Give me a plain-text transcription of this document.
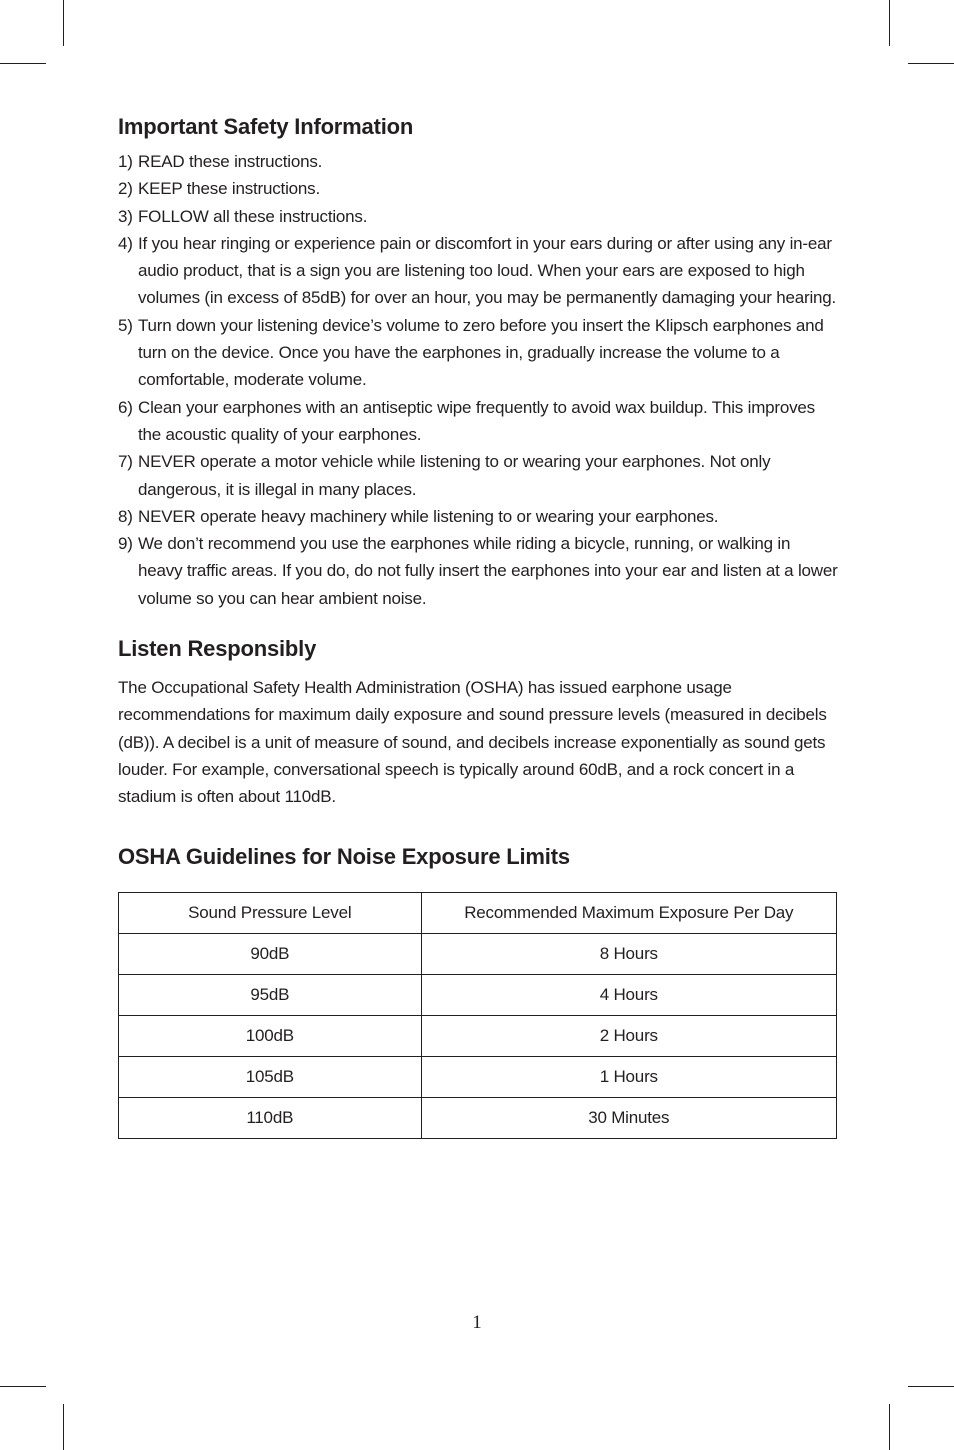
Important Safety Information
1) READ these instructions.
2) KEEP these instructions.
3) FOLLOW all these instructions.
4) If you hear ringing or experience pain or discomfort in your ears during or after using any in-ear audio product, that is a sign you are listening too loud. When your ears are exposed to high volumes (in excess of 85dB) for over an hour, you may be permanently damaging your hearing.
5) Turn down your listening device’s volume to zero before you insert the Klipsch earphones and turn on the device. Once you have the earphones in, gradually increase the volume to a comfortable, moderate volume.
6) Clean your earphones with an antiseptic wipe frequently to avoid wax buildup. This improves the acoustic quality of your earphones.
7) NEVER operate a motor vehicle while listening to or wearing your earphones. Not only dangerous, it is illegal in many places.
8) NEVER operate heavy machinery while listening to or wearing your earphones.
9) We don’t recommend you use the earphones while riding a bicycle, running, or walking in heavy traffic areas. If you do, do not fully insert the earphones into your ear and listen at a lower volume so you can hear ambient noise.
Listen Responsibly

The Occupational Safety Health Administration (OSHA) has issued earphone usage recommendations for maximum daily exposure and sound pressure levels (measured in decibels (dB)). A decibel is a unit of measure of sound, and decibels increase exponentially as sound gets louder. For example, conversational speech is typically around 60dB, and a rock concert in a stadium is often about 110dB.

OSHA Guidelines for Noise Exposure Limits
Sound Pressure Level	Recommended Maximum Exposure Per Day
90dB	8 Hours
95dB	4 Hours
100dB	2 Hours
105dB	1 Hours
110dB	30 Minutes
1
